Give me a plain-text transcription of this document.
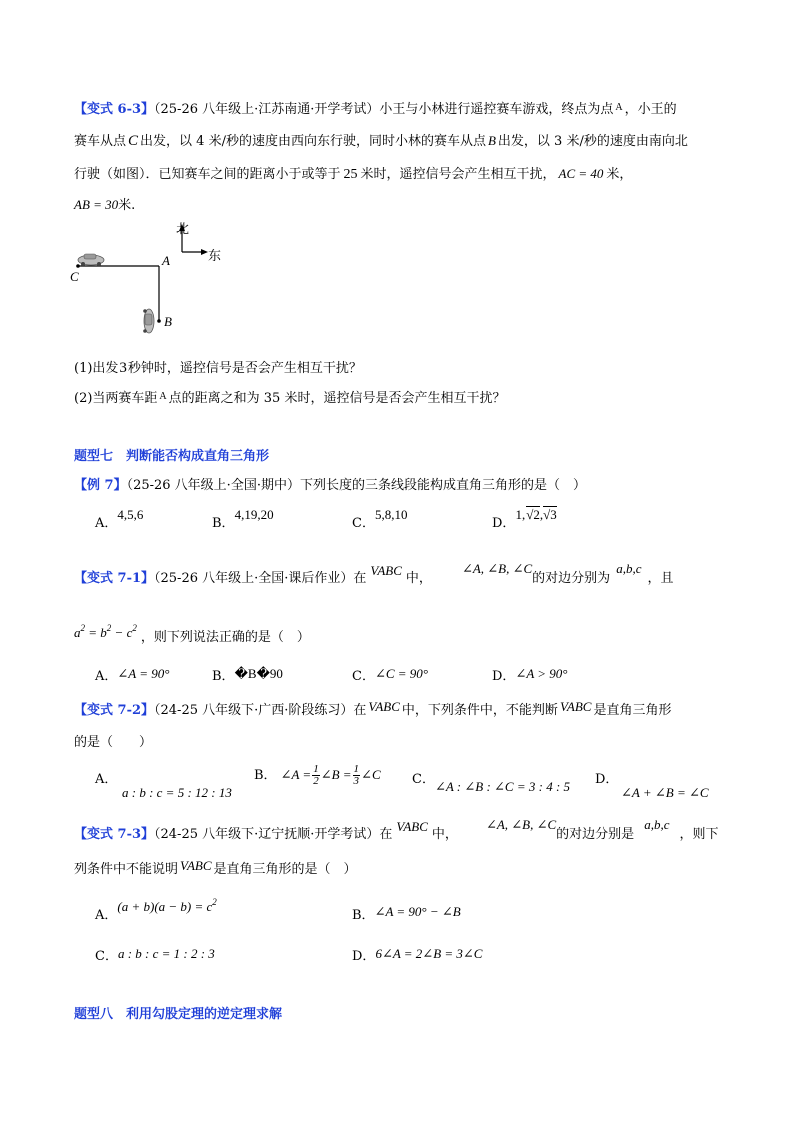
【变式 6-3】（25-26 八年级上·江苏南通·开学考试）小王与小林进行遥控赛车游戏，终点为点 $^A$ ，小王的
赛车从点 C 出发，以 4 米/秒的速度由西向东行驶，同时小林的赛车从点 B 出发，以 3 米/秒的速度由南向北
行驶（如图）．已知赛车之间的距离小于或等于 25 米时，遥控信号会产生相互干扰， AC = 40 米，
AB = 30米.
北
东
A
C
B
(1)出发3秒钟时，遥控信号是否会产生相互干扰？
(2)当两赛车距 $^A$ 点的距离之和为 35 米时，遥控信号是否会产生相互干扰？
题型七　判断能否构成直角三角形
【例 7】（25-26 八年级上·全国·期中）下列长度的三条线段能构成直角三角形的是（　）
A．4,5,6
B．4,19,20
C．5,8,10
D．1,√2,√3
【变式 7-1】（25-26 八年级上·全国·课后作业）在VABC中，∠A, ∠B, ∠C的对边分别为a,b,c，且
$a^2 = b^2 - c^2$，则下列说法正确的是（　）
A．∠A = 90°	B．�B�90	C．∠C = 90°	D．∠A > 90°
【变式 7-2】（24-25 八年级下·广西·阶段练习）在 VABC 中，下列条件中，不能判断 VABC 是直角三角形
的是（　　）
A．
a : b : c = 5 : 12 : 13
B． ∠A = $\frac{1}{2}$ ∠B = $\frac{1}{3}$ ∠C C．∠A : ∠B : ∠C = 3 : 4 : 5 D．
∠A + ∠B = ∠C
【变式 7-3】（24-25 八年级下·辽宁抚顺·开学考试）在VABC中，∠A, ∠B, ∠C的对边分别是a,b,c，则下
列条件中不能说明 VABC 是直角三角形的是（　）
A．$(a + b)(a - b) = c^2$
B．∠A = 90° − ∠B
C．a : b : c = 1 : 2 : 3	D．6∠A = 2∠B = 3∠C
题型八　利用勾股定理的逆定理求解
